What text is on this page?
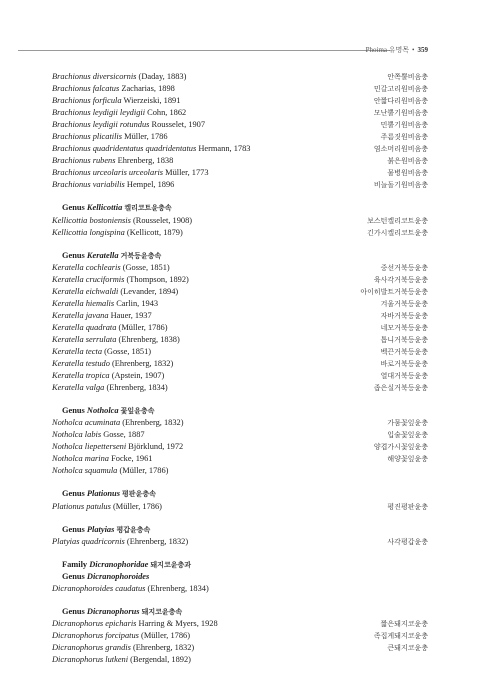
Phoima 유명목 • 359
Brachionus diversicornis (Daday, 1883)	안쪽뿔비음충
Brachionus falcatus Zacharias, 1898	민갈고리원비음충
Brachionus forficula Wierzeiski, 1891	안짧다리원비음충
Brachionus leydigii leydigii Cohn, 1862	모난뿔기원비음충
Brachionus leydigii rotundus Rousselet, 1907	민뿔기원비음충
Brachionus plicatilis Müller, 1786	주름짓원비음충
Brachionus quadridentatus quadridentatus Hermann, 1783	염소머리원비음충
Brachionus rubens Ehrenberg, 1838	붉은원비음충
Brachionus urceolaris urceolaris Müller, 1773	물병원비음충
Brachionus variabilis Hempel, 1896	비늘돌기원비음충
Genus Kellicottia 켈리코트윤충속
Kellicottia bostoniensis (Rousselet, 1908)	보스턴켈리코트윤충
Kellicottia longispina (Kellicott, 1879)	긴가시켈리코트윤충
Genus Keratella 거북등윤충속
Keratella cochlearis (Gosse, 1851)	중선거북등윤충
Keratella cruciformis (Thompson, 1892)	육사각거북등윤충
Keratella eichwaldi (Levander, 1894)	아이히발트거북등윤충
Keratella hiemalis Carlin, 1943	겨울거북등윤충
Keratella javana Hauer, 1937	자바거북등윤충
Keratella quadrata (Müller, 1786)	네모거북등윤충
Keratella serrulata (Ehrenberg, 1838)	톱니거북등윤충
Keratella tecta (Gosse, 1851)	벡끈거북등윤충
Keratella testudo (Ehrenberg, 1832)	바로거북등윤충
Keratella tropica (Apstein, 1907)	열대거북등윤충
Keratella valga (Ehrenberg, 1834)	좁은실거북등윤충
Genus Notholca 꽃잎윤충속
Notholca acuminata (Ehrenberg, 1832)	가뭄꽃잎윤충
Notholca labis Gosse, 1887	입술꽃잎윤충
Notholca liepetterseni Björklund, 1972	양겹가시꽃잎윤충
Notholca marina Focke, 1961	해양꽃잎윤충
Notholca squamula (Müller, 1786)
Genus Plationus 평판윤충속
Plationus patulus (Müller, 1786)	평진평판윤충
Genus Platyias 평갑윤충속
Platyias quadricornis (Ehrenberg, 1832)	사각평갑윤충
Family Dicranophoridae 돼지코윤충과
Genus Dicranophoroides
Dicranophoroides caudatus (Ehrenberg, 1834)
Genus Dicranophorus 돼지코윤충속
Dicranophorus epicharis Harring & Myers, 1928	짧은돼지코윤충
Dicranophorus forcipatus (Müller, 1786)	족집게돼지코윤충
Dicranophorus grandis (Ehrenberg, 1832)	큰돼지코윤충
Dicranophorus lutkeni (Bergendal, 1892)
